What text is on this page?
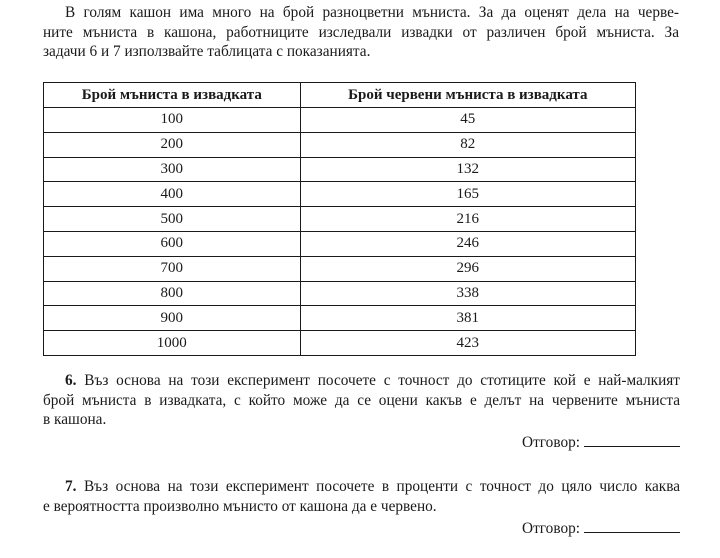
В голям кашон има много на брой разноцветни мъниста. За да оценят дела на черве-
ните мъниста в кашона, работниците изследвали извадки от различен брой мъниста. За
задачи 6 и 7 използвайте таблицата с показанията.

Брой мъниста в извадката	Брой червени мъниста в извадката
100	45
200	82
300	132
400	165
500	216
600	246
700	296
800	338
900	381
1000	423

6. Въз основа на този експеримент посочете с точност до стотиците кой е най-малкият
брой мъниста в извадката, с който може да се оцени какъв е делът на червените мъниста
в кашона.

Отговор:

7. Въз основа на този експеримент посочете в проценти с точност до цяло число каква
е вероятността произволно мънисто от кашона да е червено.

Отговор:
